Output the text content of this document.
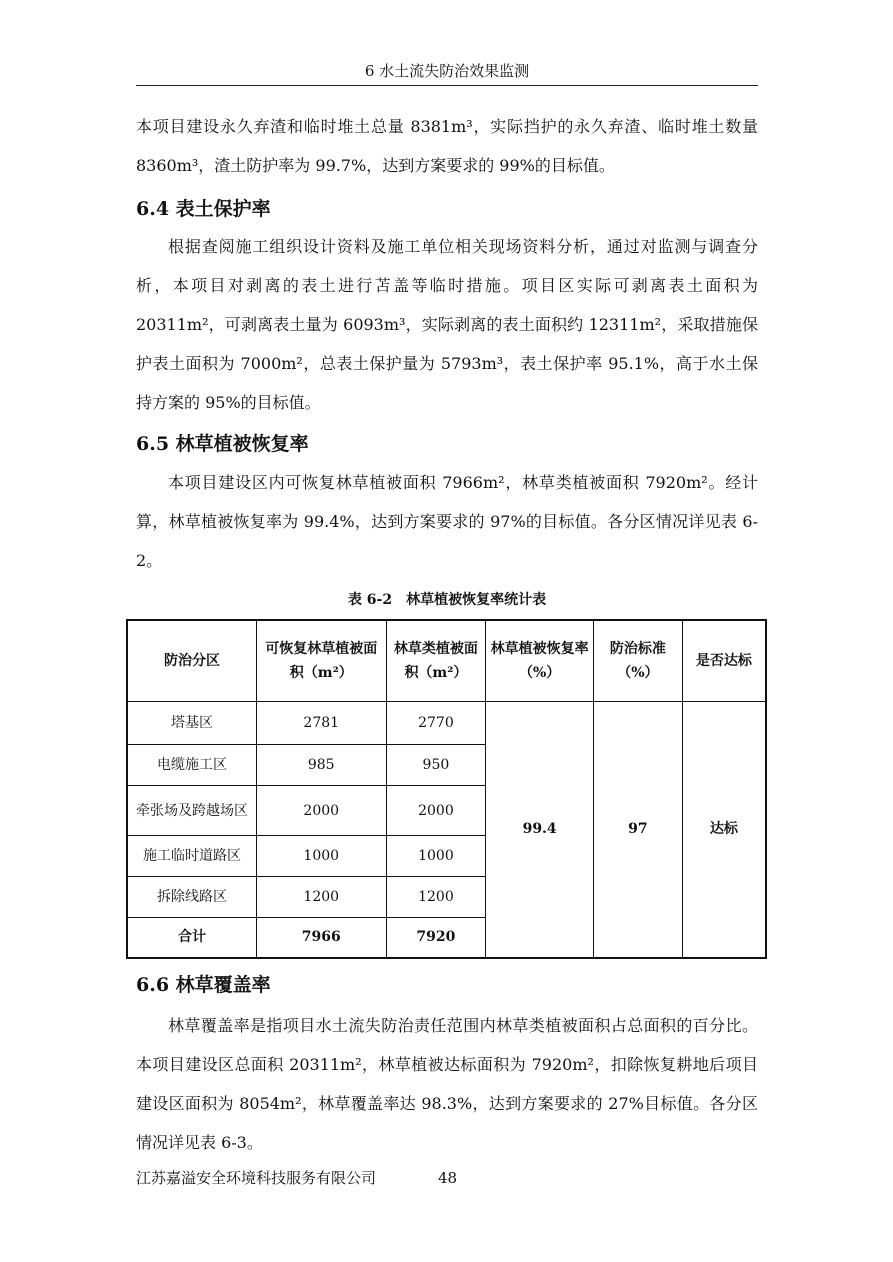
6 水土流失防治效果监测

本项目建设永久弃渣和临时堆土总量 8381m³，实际挡护的永久弃渣、临时堆土数量 8360m³，渣土防护率为 99.7%，达到方案要求的 99%的目标值。

6.4 表土保护率

根据查阅施工组织设计资料及施工单位相关现场资料分析，通过对监测与调查分析，本项目对剥离的表土进行苫盖等临时措施。项目区实际可剥离表土面积为 20311m²，可剥离表土量为 6093m³，实际剥离的表土面积约 12311m²，采取措施保护表土面积为 7000m²，总表土保护量为 5793m³，表土保护率 95.1%，高于水土保持方案的 95%的目标值。

6.5 林草植被恢复率

本项目建设区内可恢复林草植被面积 7966m²，林草类植被面积 7920m²。经计算，林草植被恢复率为 99.4%，达到方案要求的 97%的目标值。各分区情况详见表 6-2。

表 6-2　林草植被恢复率统计表
防治分区	可恢复林草植被面积（m²）	林草类植被面积（m²）	林草植被恢复率（%）	防治标准（%）	是否达标
塔基区	2781	2770	99.4	97	达标
电缆施工区	985	950			
牵张场及跨越场区	2000	2000			
施工临时道路区	1000	1000			
拆除线路区	1200	1200			
合计	7966	7920			
6.6 林草覆盖率

林草覆盖率是指项目水土流失防治责任范围内林草类植被面积占总面积的百分比。本项目建设区总面积 20311m²，林草植被达标面积为 7920m²，扣除恢复耕地后项目建设区面积为 8054m²，林草覆盖率达 98.3%，达到方案要求的 27%目标值。各分区情况详见表 6-3。

江苏嘉溢安全环境科技服务有限公司	48
